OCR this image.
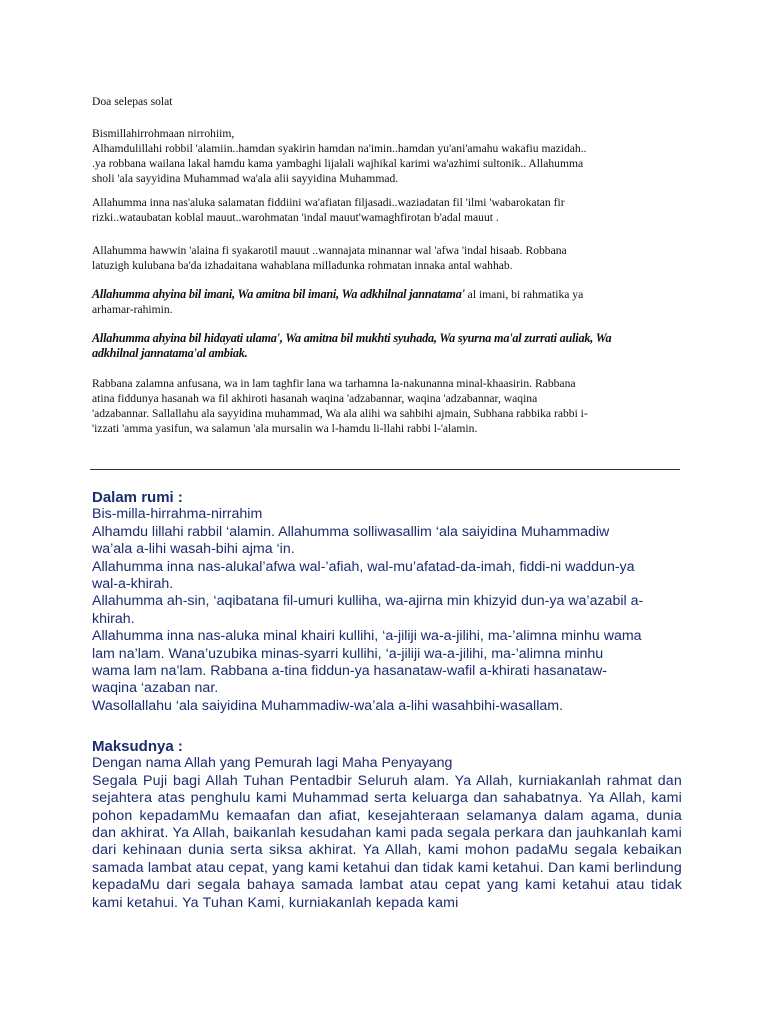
Doa selepas solat

Bismillahirrohmaan nirrohiim,
Alhamdulillahi robbil 'alamiin..hamdan syakirin hamdan na'imin..hamdan yu'ani'amahu wakafiu mazidah..
.ya robbana wailana lakal hamdu kama yambaghi lijalali wajhikal karimi wa'azhimi sultonik.. Allahumma
sholi 'ala sayyidina Muhammad wa'ala alii sayyidina Muhammad.

Allahumma inna nas'aluka salamatan fiddiini wa'afiatan filjasadi..waziadatan fil 'ilmi 'wabarokatan fir
rizki..wataubatan koblal mauut..warohmatan 'indal mauut'wamaghfirotan b'adal mauut .

Allahumma hawwin 'alaina fi syakarotil mauut ..wannajata minannar wal 'afwa 'indal hisaab. Robbana
latuzigh kulubana ba'da izhadaitana wahablana milladunka rohmatan innaka antal wahhab.

Allahumma ahyina bil imani, Wa amitna bil imani, Wa adkhilnal jannatama' al imani, bi rahmatika ya
arhamar-rahimin.

Allahumma ahyina bil hidayati ulama', Wa amitna bil mukhti syuhada, Wa syurna ma'al zurrati auliak, Wa
adkhilnal jannatama'al ambiak.

Rabbana zalamna anfusana, wa in lam taghfir lana wa tarhamna la-nakunanna minal-khaasirin. Rabbana
atina fiddunya hasanah wa fil akhiroti hasanah waqina 'adzabannar, waqina 'adzabannar, waqina
'adzabannar. Sallallahu ala sayyidina muhammad, Wa ala alihi wa sahbihi ajmain, Subhana rabbika rabbi i-
'izzati 'amma yasifun, wa salamun 'ala mursalin wa l-hamdu li-llahi rabbi l-'alamin.

Dalam rumi :

Bis-milla-hirrahma-nirrahim
Alhamdu lillahi rabbil ‘alamin. Allahumma solliwasallim ‘ala saiyidina Muhammadiw
wa’ala a-lihi wasah-bihi ajma ‘in.
Allahumma inna nas-alukal’afwa wal-’afiah, wal-mu’afatad-da-imah, fiddi-ni waddun-ya
wal-a-khirah.
Allahumma ah-sin, ‘aqibatana fil-umuri kulliha, wa-ajirna min khizyid dun-ya wa’azabil a-
khirah.
Allahumma inna nas-aluka minal khairi kullihi, ‘a-jiliji wa-a-jilihi, ma-’alimna minhu wama
lam na’lam. Wana’uzubika minas-syarri kullihi, ‘a-jiliji wa-a-jilihi, ma-’alimna minhu
wama lam na’lam. Rabbana a-tina fiddun-ya hasanataw-wafil a-khirati hasanataw-
waqina ‘azaban nar.
Wasollallahu ‘ala saiyidina Muhammadiw-wa’ala a-lihi wasahbihi-wasallam.

Maksudnya :

Dengan nama Allah yang Pemurah lagi Maha Penyayang

Segala Puji bagi Allah Tuhan Pentadbir Seluruh alam. Ya Allah, kurniakanlah rahmat dan sejahtera atas penghulu kami Muhammad serta keluarga dan sahabatnya. Ya Allah, kami pohon kepadamMu kemaafan dan afiat, kesejahteraan selamanya dalam agama, dunia dan akhirat. Ya Allah, baikanlah kesudahan kami pada segala perkara dan jauhkanlah kami dari kehinaan dunia serta siksa akhirat. Ya Allah, kami mohon padaMu segala kebaikan samada lambat atau cepat, yang kami ketahui dan tidak kami ketahui. Dan kami berlindung kepadaMu dari segala bahaya samada lambat atau cepat yang kami ketahui atau tidak kami ketahui. Ya Tuhan Kami, kurniakanlah kepada kami
